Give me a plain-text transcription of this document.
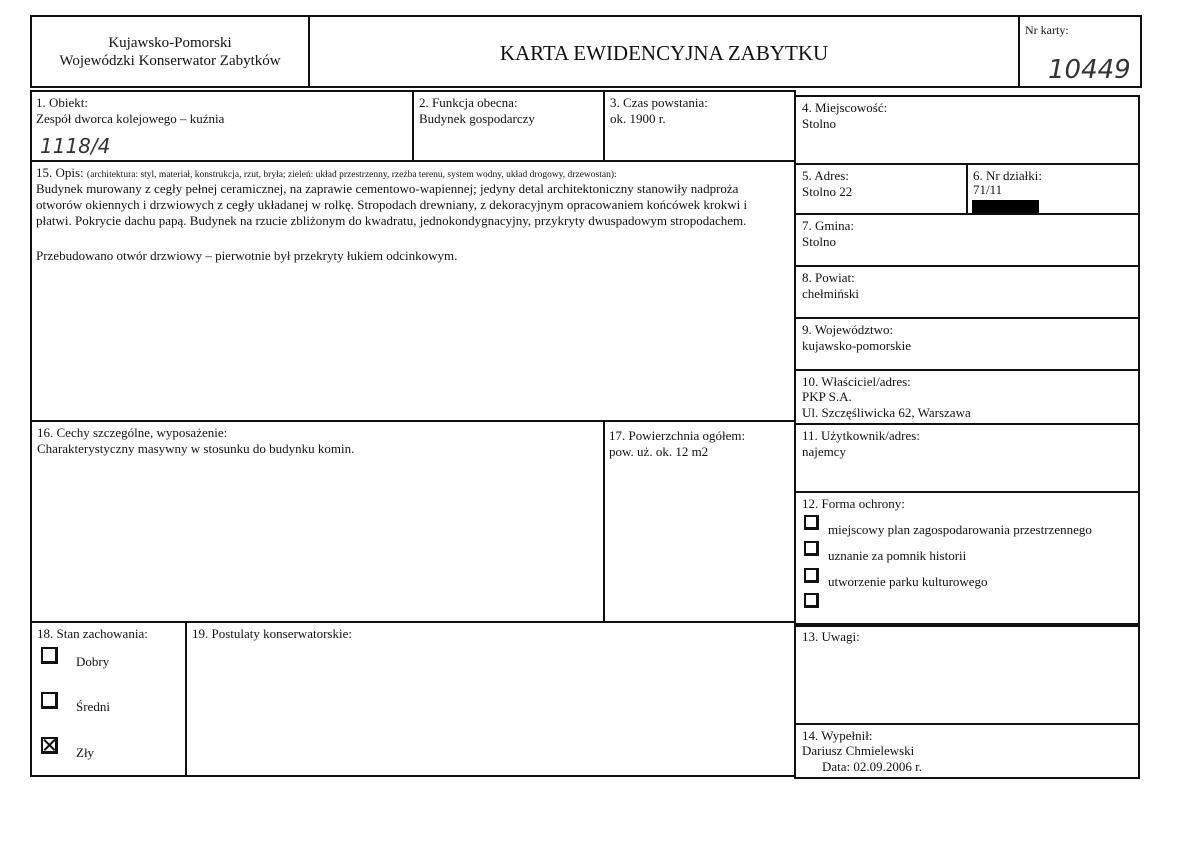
Kujawsko-Pomorski
Wojewódzki Konserwator Zabytków	KARTA EWIDENCYJNA ZABYTKU
Nr karty:
10449
1. Obiekt:
Zespół dworca kolejowego – kuźnia
1118/4
2. Funkcja obecna:
Budynek gospodarczy
3. Czas powstania:
ok. 1900 r.
4. Miejscowość:
Stolno
15. Opis: (architektura: styl, materiał, konstrukcja, rzut, bryła; zieleń: układ przestrzenny, rzeźba terenu, system wodny, układ drogowy, drzewostan):
Budynek murowany z cegły pełnej ceramicznej, na zaprawie cementowo-wapiennej; jedyny detal architektoniczny stanowiły nadproża otworów okiennych i drzwiowych z cegły układanej w rolkę. Stropodach drewniany, z dekoracyjnym opracowaniem końcówek krokwi i płatwi. Pokrycie dachu papą. Budynek na rzucie zbliżonym do kwadratu, jednokondygnacyjny, przykryty dwuspadowym stropodachem.
Przebudowano otwór drzwiowy – pierwotnie był przekryty łukiem odcinkowym.
5. Adres:
Stolno 22
6. Nr działki:
71/11
7. Gmina:
Stolno
8. Powiat:
chełmiński
9. Województwo:
kujawsko-pomorskie
10. Właściciel/adres:
PKP S.A.
Ul. Szczęśliwicka 62, Warszawa
11. Użytkownik/adres:
najemcy
12. Forma ochrony:
miejscowy plan zagospodarowania przestrzennego
uznanie za pomnik historii
utworzenie parku kulturowego
16. Cechy szczególne, wyposażenie:
Charakterystyczny masywny w stosunku do budynku komin.
17. Powierzchnia ogółem:
pow. uż. ok. 12 m2
18. Stan zachowania:
Dobry
Średni
Zły
19. Postulaty konserwatorskie:	13. Uwagi:
14. Wypełnił:
Dariusz Chmielewski
Data: 02.09.2006 r.
